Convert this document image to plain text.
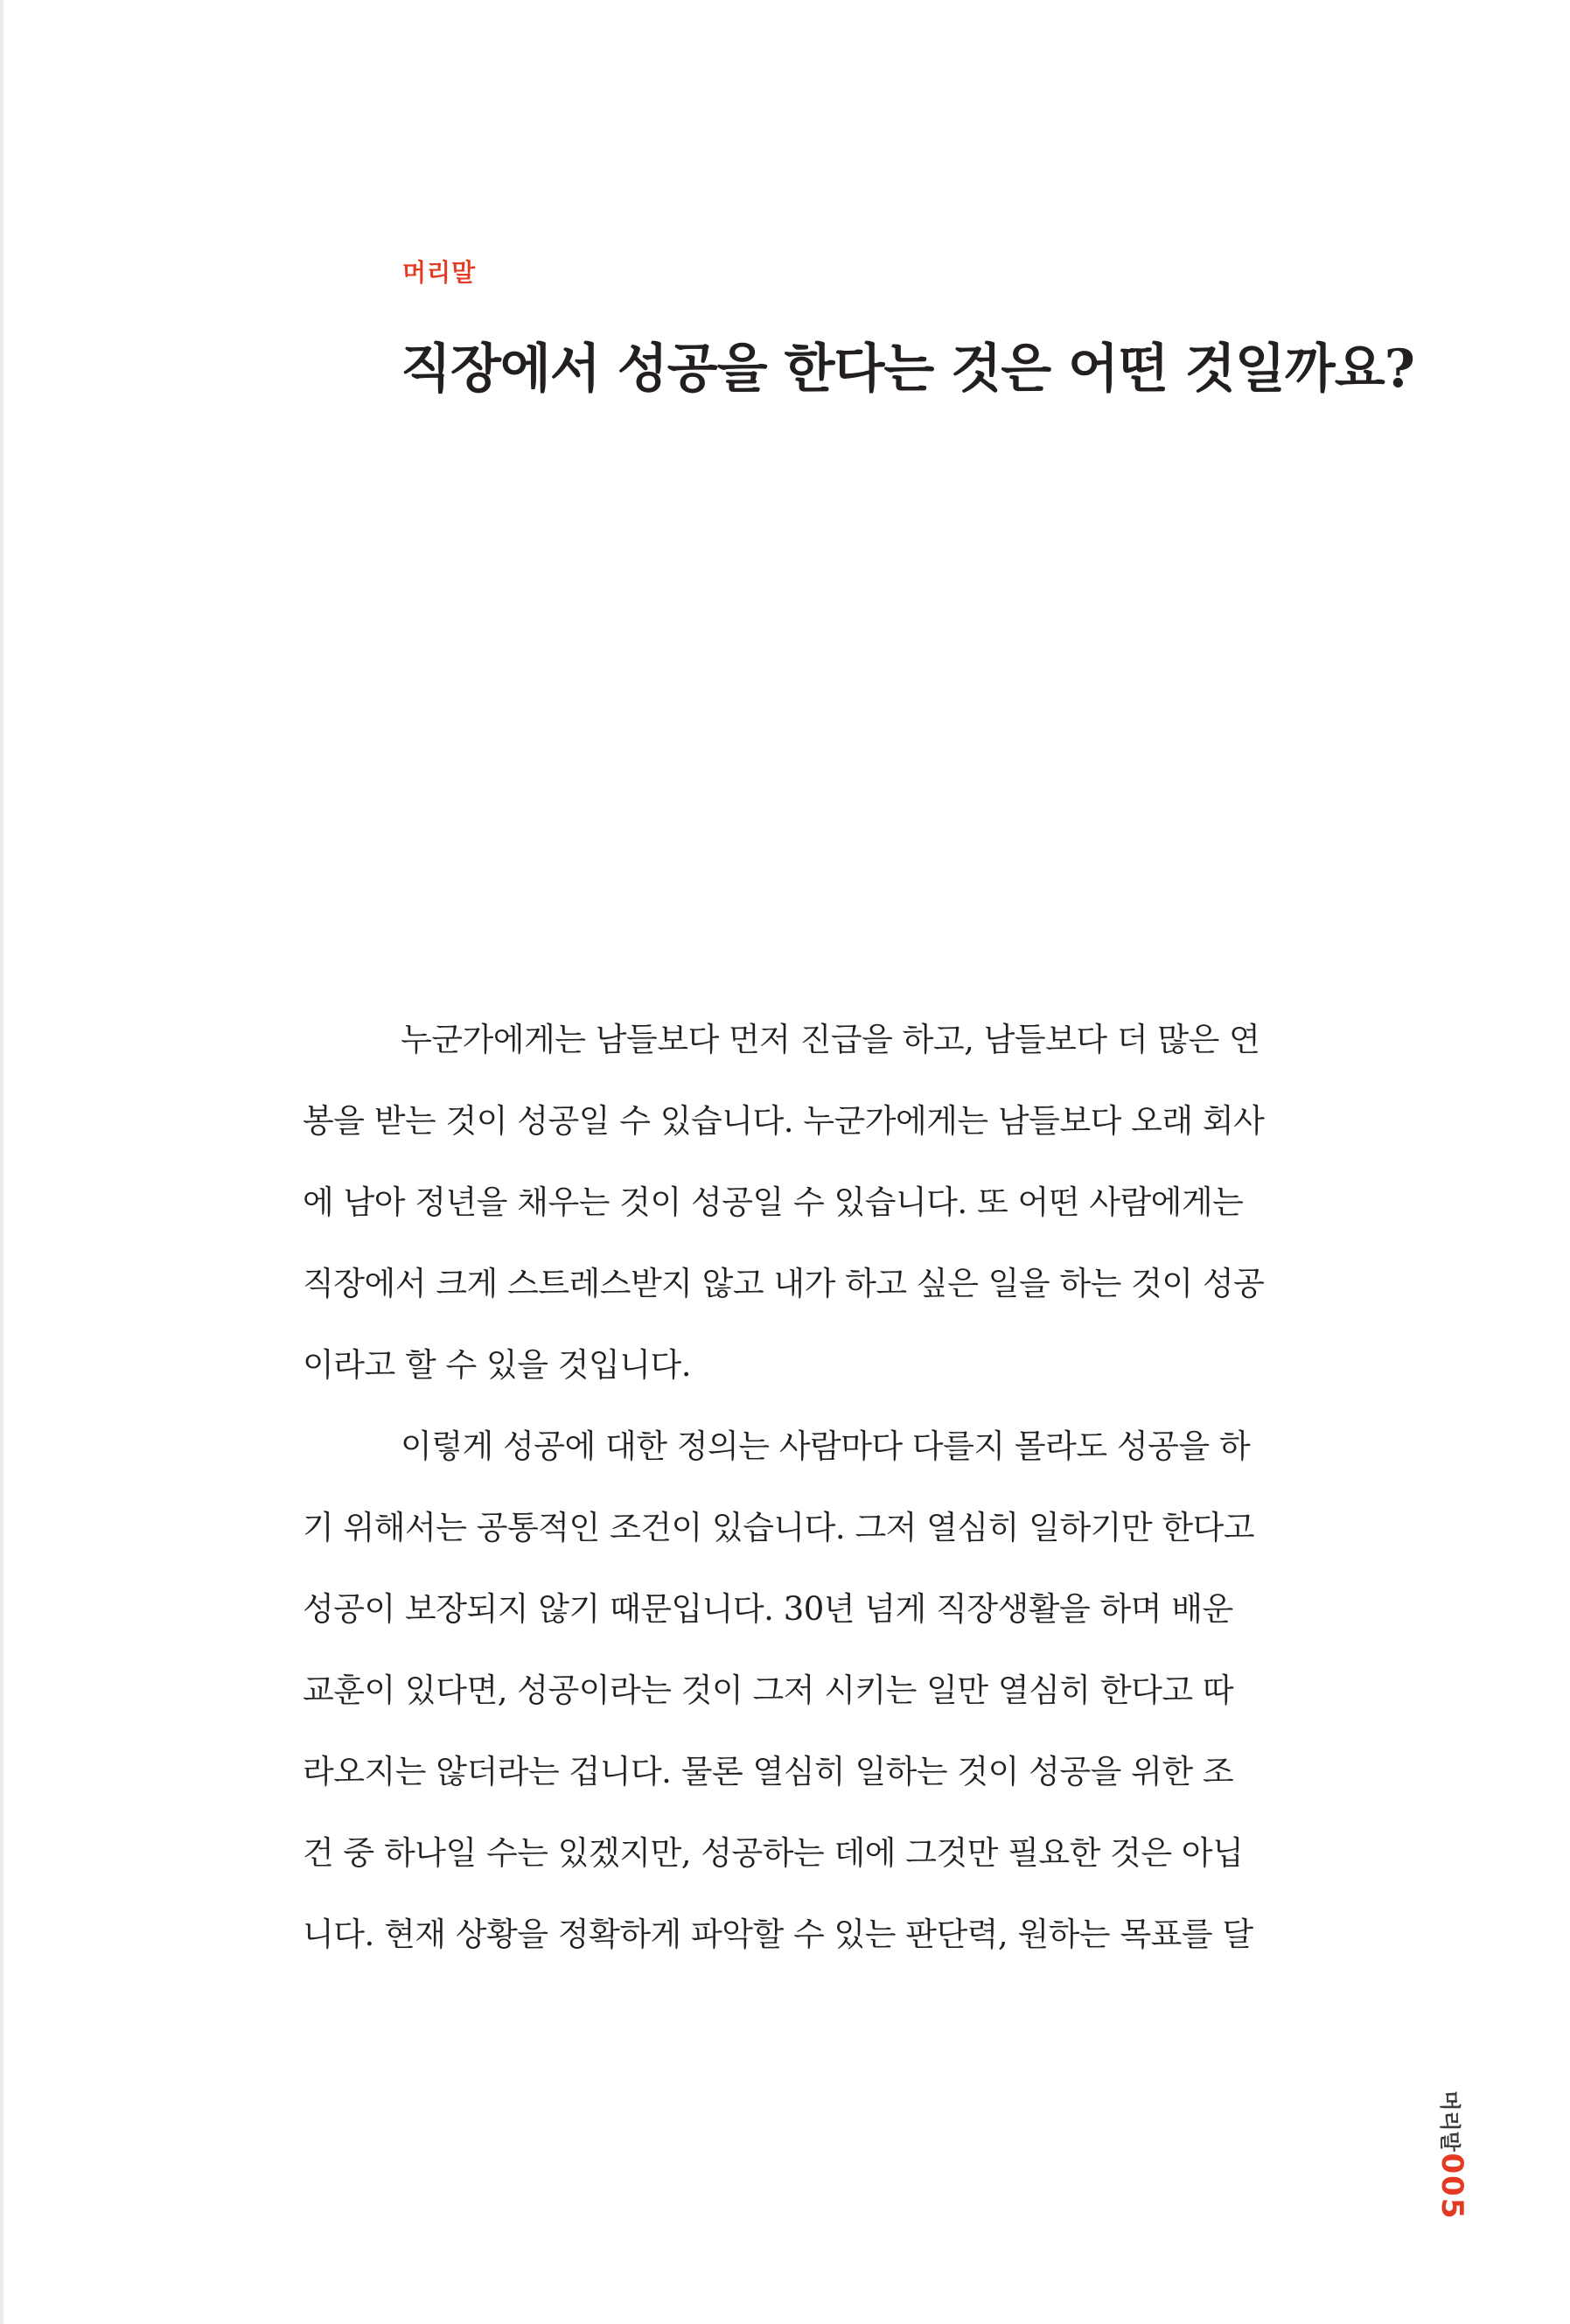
머리말
직장에서 성공을 한다는 것은 어떤 것일까요?
누군가에게는 남들보다 먼저 진급을 하고, 남들보다 더 많은 연
봉을 받는 것이 성공일 수 있습니다. 누군가에게는 남들보다 오래 회사
에 남아 정년을 채우는 것이 성공일 수 있습니다. 또 어떤 사람에게는
직장에서 크게 스트레스받지 않고 내가 하고 싶은 일을 하는 것이 성공
이라고 할 수 있을 것입니다.
이렇게 성공에 대한 정의는 사람마다 다를지 몰라도 성공을 하
기 위해서는 공통적인 조건이 있습니다. 그저 열심히 일하기만 한다고
성공이 보장되지 않기 때문입니다. 30년 넘게 직장생활을 하며 배운
교훈이 있다면, 성공이라는 것이 그저 시키는 일만 열심히 한다고 따
라오지는 않더라는 겁니다. 물론 열심히 일하는 것이 성공을 위한 조
건 중 하나일 수는 있겠지만, 성공하는 데에 그것만 필요한 것은 아닙
니다. 현재 상황을 정확하게 파악할 수 있는 판단력, 원하는 목표를 달
머리말
005
